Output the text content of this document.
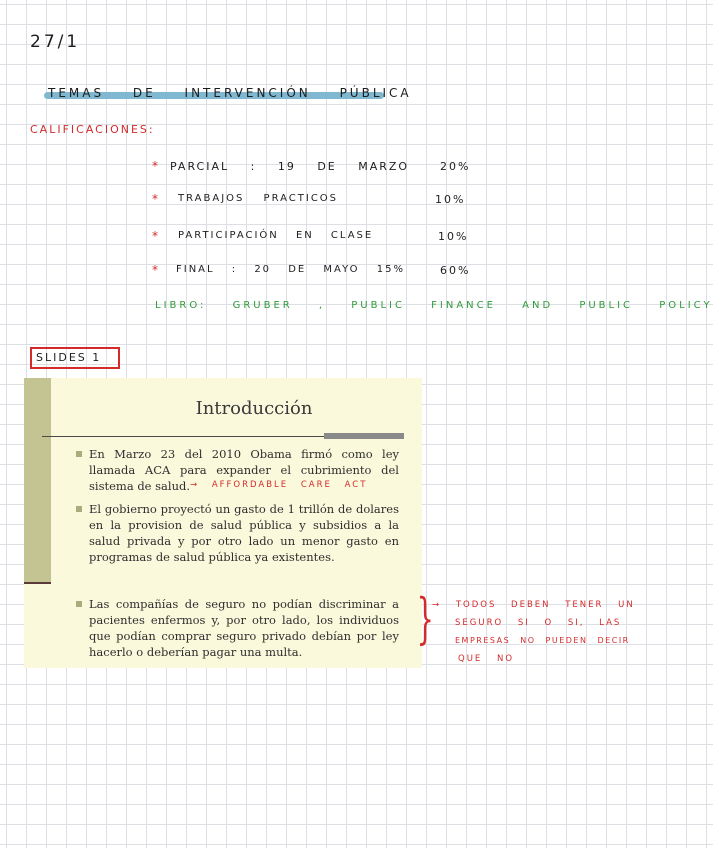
27/1
TEMAS DE INTERVENCIÓN PÚBLICA
CALIFICACIONES:
* PARCIAL : 19 DE MARZO	20%
* TRABAJOS PRACTICOS	10%
* PARTICIPACIÓN EN CLASE	10%
* FINAL : 20 DE MAYO 15%	60%
LIBRO: GRUBER , PUBLIC FINANCE AND PUBLIC POLICY
SLIDES 1
Introducción
En Marzo 23 del 2010 Obama firmó como ley llamada ACA para expander el cubrimiento del sistema de salud.
El gobierno proyectó un gasto de 1 trillón de dolares en la provision de salud pública y subsidios a la salud privada y por otro lado un menor gasto en programas de salud pública ya existentes.
Las compañías de seguro no podían discriminar a pacientes enfermos y, por otro lado, los individuos que podían comprar seguro privado debían por ley hacerlo o deberían pagar una multa.
→ AFFORDABLE CARE ACT
}
→ TODOS DEBEN TENER UN
SEGURO SI O SI, LAS
EMPRESAS NO PUEDEN DECIR
QUE NO
